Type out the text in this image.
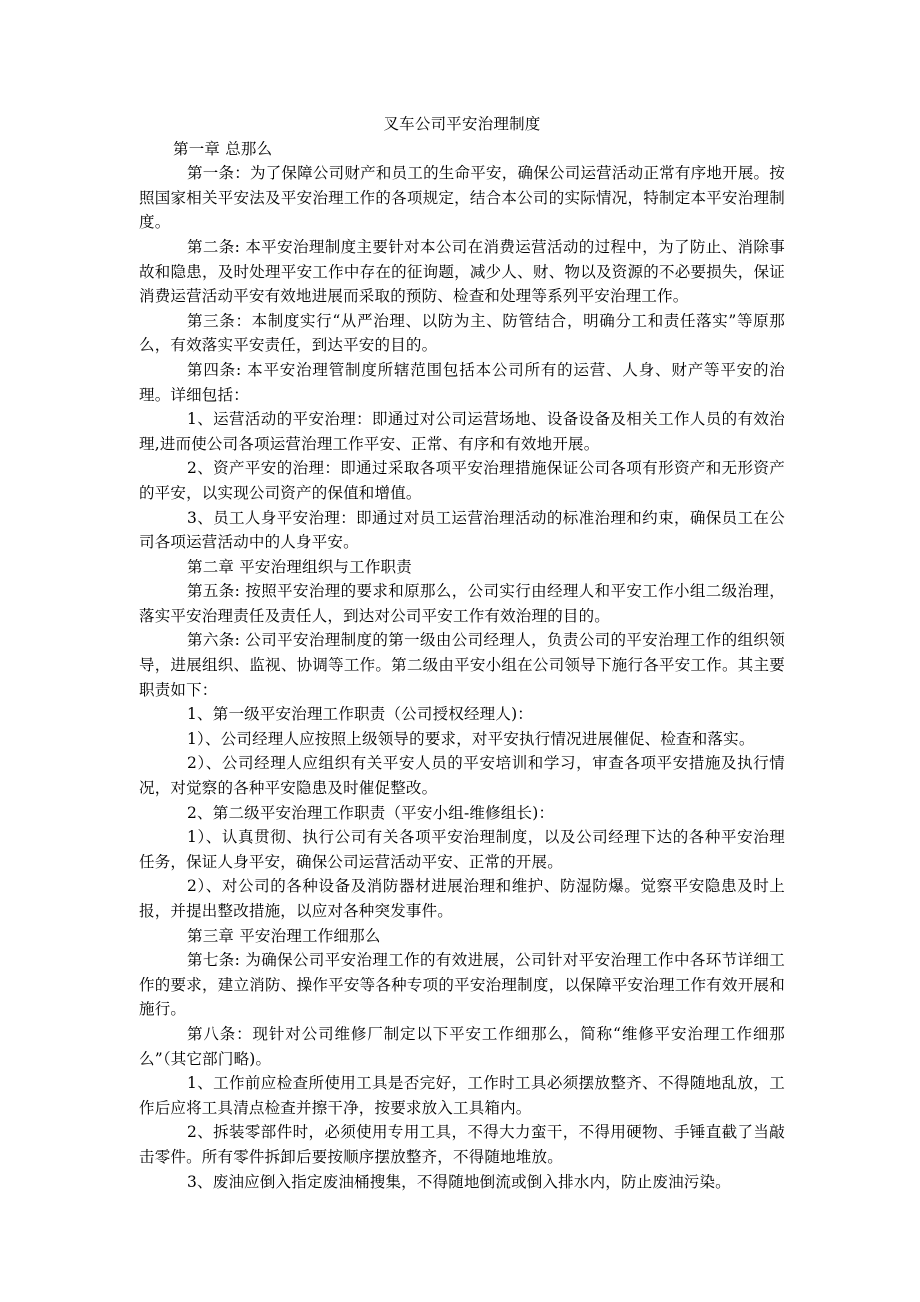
叉车公司平安治理制度

第一章 总那么

第一条：为了保障公司财产和员工的生命平安，确保公司运营活动正常有序地开展。按照国家相关平安法及平安治理工作的各项规定，结合本公司的实际情况，特制定本平安治理制度。

第二条: 本平安治理制度主要针对本公司在消费运营活动的过程中，为了防止、消除事故和隐患，及时处理平安工作中存在的征询题，减少人、财、物以及资源的不必要损失，保证消费运营活动平安有效地进展而采取的预防、检查和处理等系列平安治理工作。

第三条：本制度实行“从严治理、以防为主、防管结合，明确分工和责任落实”等原那么，有效落实平安责任，到达平安的目的。

第四条: 本平安治理管制度所辖范围包括本公司所有的运营、人身、财产等平安的治理。详细包括：

1、运营活动的平安治理：即通过对公司运营场地、设备设备及相关工作人员的有效治理,进而使公司各项运营治理工作平安、正常、有序和有效地开展。

2、资产平安的治理：即通过采取各项平安治理措施保证公司各项有形资产和无形资产的平安，以实现公司资产的保值和增值。

3、员工人身平安治理：即通过对员工运营治理活动的标准治理和约束，确保员工在公司各项运营活动中的人身平安。

第二章 平安治理组织与工作职责

第五条: 按照平安治理的要求和原那么，公司实行由经理人和平安工作小组二级治理，落实平安治理责任及责任人，到达对公司平安工作有效治理的目的。

第六条: 公司平安治理制度的第一级由公司经理人，负责公司的平安治理工作的组织领导，进展组织、监视、协调等工作。第二级由平安小组在公司领导下施行各平安工作。其主要职责如下：

1、第一级平安治理工作职责（公司授权经理人)：

1）、公司经理人应按照上级领导的要求，对平安执行情况进展催促、检查和落实。

2）、公司经理人应组织有关平安人员的平安培训和学习，审查各项平安措施及执行情况，对觉察的各种平安隐患及时催促整改。

2、第二级平安治理工作职责（平安小组-维修组长)：

1）、认真贯彻、执行公司有关各项平安治理制度，以及公司经理下达的各种平安治理任务，保证人身平安，确保公司运营活动平安、正常的开展。

2）、对公司的各种设备及消防器材进展治理和维护、防湿防爆。觉察平安隐患及时上报，并提出整改措施，以应对各种突发事件。

第三章 平安治理工作细那么

第七条: 为确保公司平安治理工作的有效进展，公司针对平安治理工作中各环节详细工作的要求，建立消防、操作平安等各种专项的平安治理制度，以保障平安治理工作有效开展和施行。

第八条：现针对公司维修厂制定以下平安工作细那么，简称“维修平安治理工作细那么”（其它部门略)。

1、工作前应检查所使用工具是否完好，工作时工具必须摆放整齐、不得随地乱放，工作后应将工具清点检查并擦干净，按要求放入工具箱内。

2、拆装零部件时，必须使用专用工具，不得大力蛮干，不得用硬物、手锤直截了当敲击零件。所有零件拆卸后要按顺序摆放整齐，不得随地堆放。

3、废油应倒入指定废油桶搜集，不得随地倒流或倒入排水内，防止废油污染。
